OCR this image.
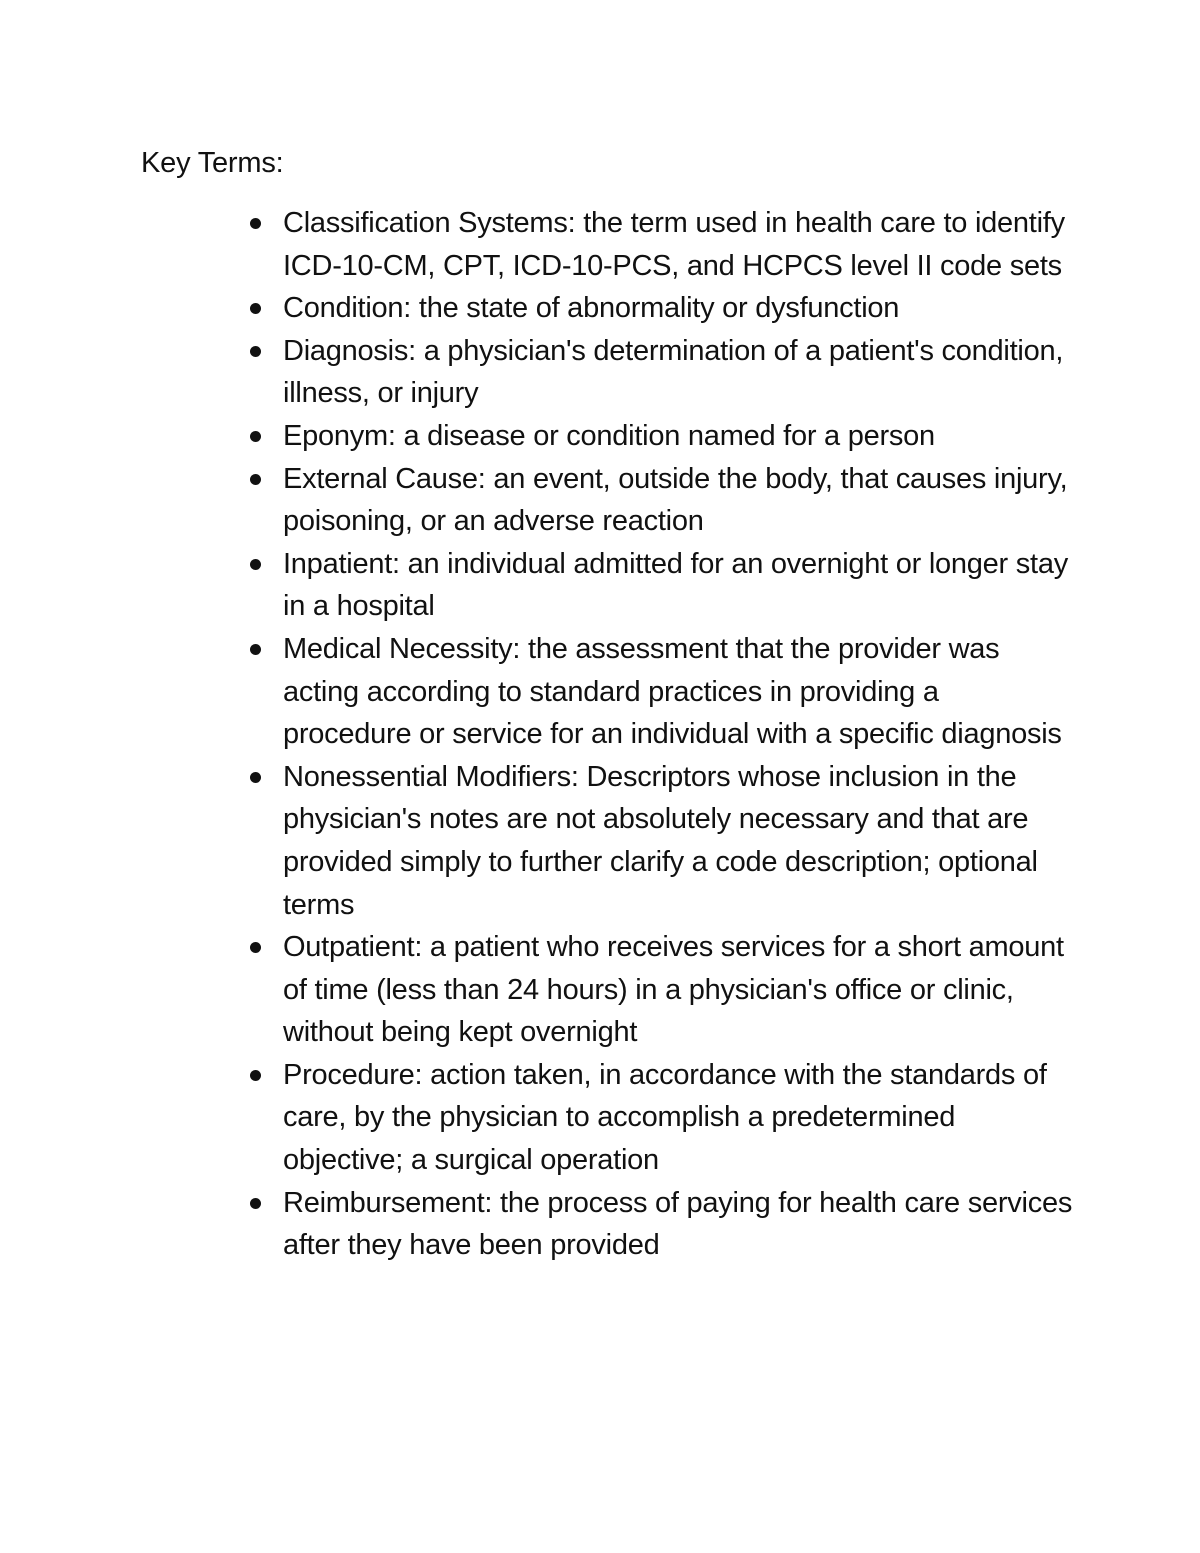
Key Terms:
Classification Systems: the term used in health care to identify ICD-10-CM, CPT, ICD-10-PCS, and HCPCS level II code sets
Condition: the state of abnormality or dysfunction
Diagnosis: a physician's determination of a patient's condition, illness, or injury
Eponym: a disease or condition named for a person
External Cause: an event, outside the body, that causes injury, poisoning, or an adverse reaction
Inpatient: an individual admitted for an overnight or longer stay in a hospital
Medical Necessity: the assessment that the provider was acting according to standard practices in providing a procedure or service for an individual with a specific diagnosis
Nonessential Modifiers: Descriptors whose inclusion in the physician's notes are not absolutely necessary and that are provided simply to further clarify a code description; optional terms
Outpatient: a patient who receives services for a short amount of time (less than 24 hours) in a physician's office or clinic, without being kept overnight
Procedure: action taken, in accordance with the standards of care, by the physician to accomplish a predetermined objective; a surgical operation
Reimbursement: the process of paying for health care services after they have been provided
